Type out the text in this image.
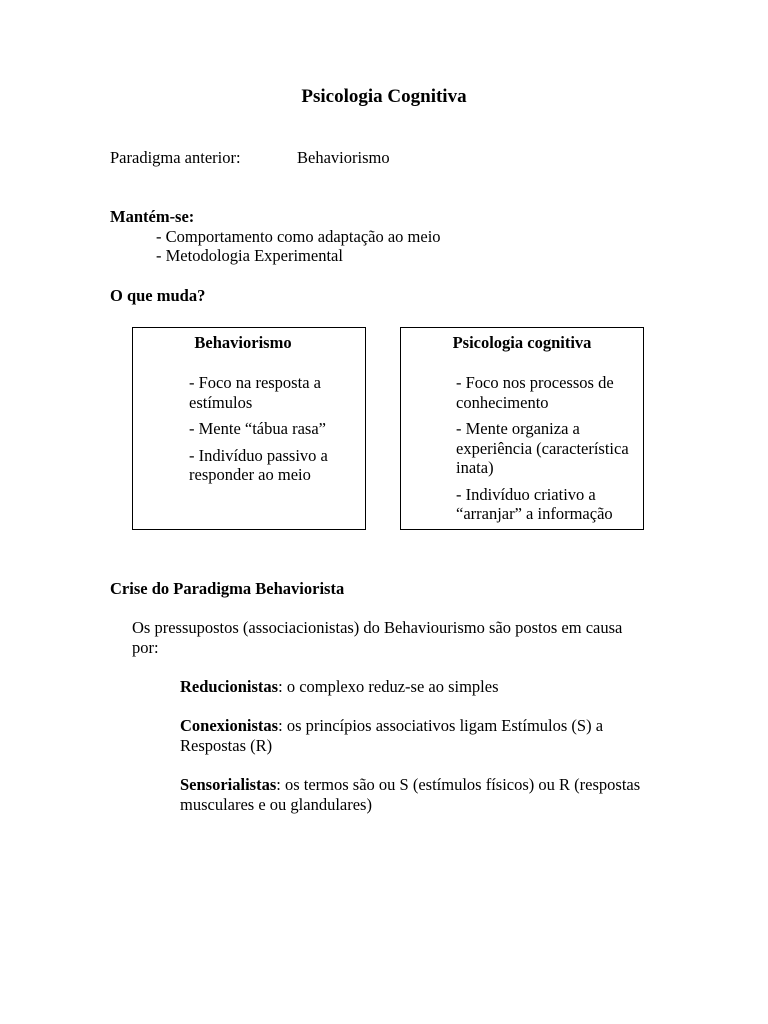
Psicologia Cognitiva
Paradigma anterior:	Behaviorismo
Mantém-se:
- Comportamento como adaptação ao meio
- Metodologia Experimental
O que muda?
Behaviorismo
- Foco na resposta a estímulos
- Mente “tábua rasa”
- Indivíduo passivo a responder ao meio
Psicologia cognitiva
- Foco nos processos de conhecimento
- Mente organiza a experiência (característica inata)
- Indivíduo criativo a “arranjar” a informação
Crise do Paradigma Behaviorista
Os pressupostos (associacionistas) do Behaviourismo são postos em causa por:
Reducionistas: o complexo reduz-se ao simples
Conexionistas: os princípios associativos ligam Estímulos (S) a Respostas (R)
Sensorialistas: os termos são ou S (estímulos físicos) ou R (respostas musculares e ou glandulares)
